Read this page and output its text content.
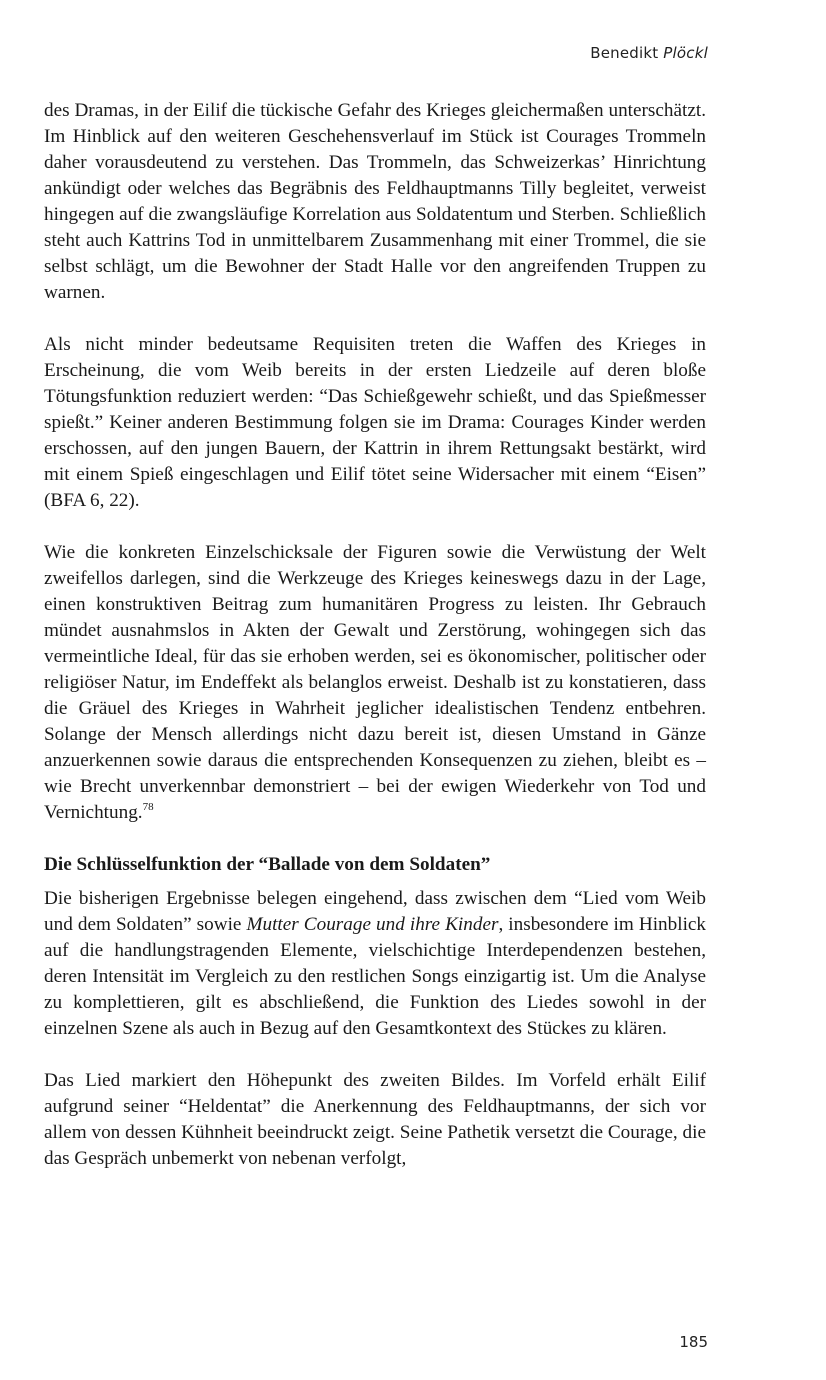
Benedikt Plöckl

des Dramas, in der Eilif die tückische Gefahr des Krieges gleichermaßen unterschätzt. Im Hinblick auf den weiteren Geschehensverlauf im Stück ist Courages Trommeln daher vorausdeutend zu verstehen. Das Trommeln, das Schweizerkas’ Hinrichtung ankündigt oder welches das Begräbnis des Feldhauptmanns Tilly begleitet, verweist hingegen auf die zwangsläufige Korrelation aus Soldatentum und Sterben. Schließlich steht auch Kattrins Tod in unmittelbarem Zusammenhang mit einer Trommel, die sie selbst schlägt, um die Bewohner der Stadt Halle vor den angreifenden Truppen zu warnen.

Als nicht minder bedeutsame Requisiten treten die Waffen des Krieges in Erscheinung, die vom Weib bereits in der ersten Liedzeile auf deren bloße Tötungsfunktion reduziert werden: “Das Schießgewehr schießt, und das Spießmesser spießt.” Keiner anderen Bestimmung folgen sie im Drama: Courages Kinder werden erschossen, auf den jungen Bauern, der Kattrin in ihrem Rettungsakt bestärkt, wird mit einem Spieß eingeschlagen und Eilif tötet seine Widersacher mit einem “Eisen” (BFA 6, 22).

Wie die konkreten Einzelschicksale der Figuren sowie die Verwüstung der Welt zweifellos darlegen, sind die Werkzeuge des Krieges keineswegs dazu in der Lage, einen konstruktiven Beitrag zum humanitären Progress zu leisten. Ihr Gebrauch mündet ausnahmslos in Akten der Gewalt und Zerstörung, wohingegen sich das vermeintliche Ideal, für das sie erhoben werden, sei es ökonomischer, politischer oder religiöser Natur, im Endeffekt als belanglos erweist. Deshalb ist zu konstatieren, dass die Gräuel des Krieges in Wahrheit jeglicher idealistischen Tendenz entbehren. Solange der Mensch allerdings nicht dazu bereit ist, diesen Umstand in Gänze anzuerkennen sowie daraus die entsprechenden Konsequenzen zu ziehen, bleibt es – wie Brecht unverkennbar demonstriert – bei der ewigen Wiederkehr von Tod und Vernichtung.$^{78}$

Die Schlüsselfunktion der “Ballade von dem Soldaten”

Die bisherigen Ergebnisse belegen eingehend, dass zwischen dem “Lied vom Weib und dem Soldaten” sowie Mutter Courage und ihre Kinder, insbesondere im Hinblick auf die handlungstragenden Elemente, vielschichtige Interdependenzen bestehen, deren Intensität im Vergleich zu den restlichen Songs einzigartig ist. Um die Analyse zu komplettieren, gilt es abschließend, die Funktion des Liedes sowohl in der einzelnen Szene als auch in Bezug auf den Gesamtkontext des Stückes zu klären.

Das Lied markiert den Höhepunkt des zweiten Bildes. Im Vorfeld erhält Eilif aufgrund seiner “Heldentat” die Anerkennung des Feldhauptmanns, der sich vor allem von dessen Kühnheit beeindruckt zeigt. Seine Pathetik versetzt die Courage, die das Gespräch unbemerkt von nebenan verfolgt,

185
